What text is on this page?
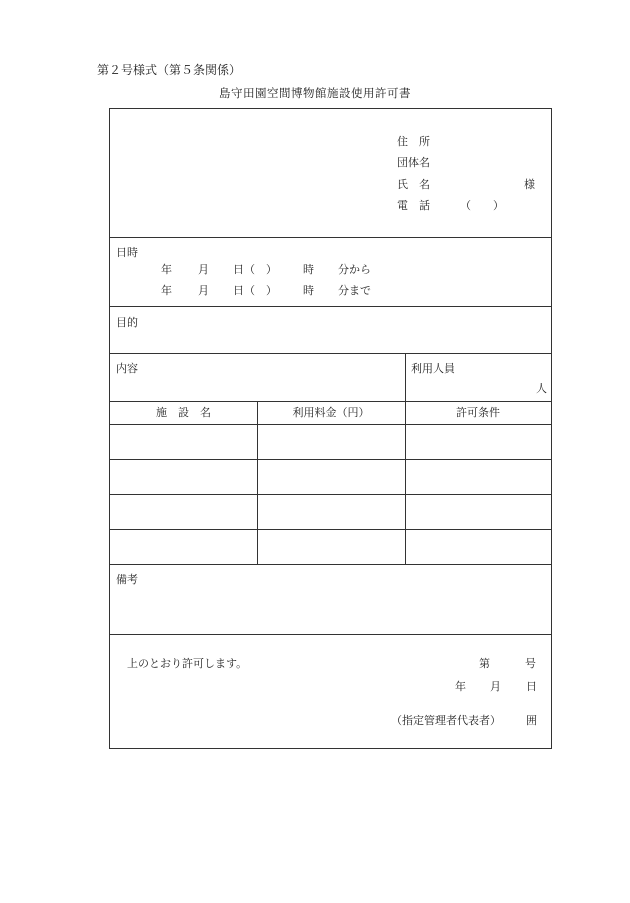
第２号様式（第５条関係）
島守田園空間博物館施設使用許可書
住　所
団体名
氏　名	様
電　話	（　　）
日時
年 月 日（　） 時 分から
年 月 日（　） 時 分まで
目的
内容	利用人員
人
施　設　名	利用料金（円）	許可条件
備考
上のとおり許可します。	第	号
年 月 日
（指定管理者代表者） 囲
